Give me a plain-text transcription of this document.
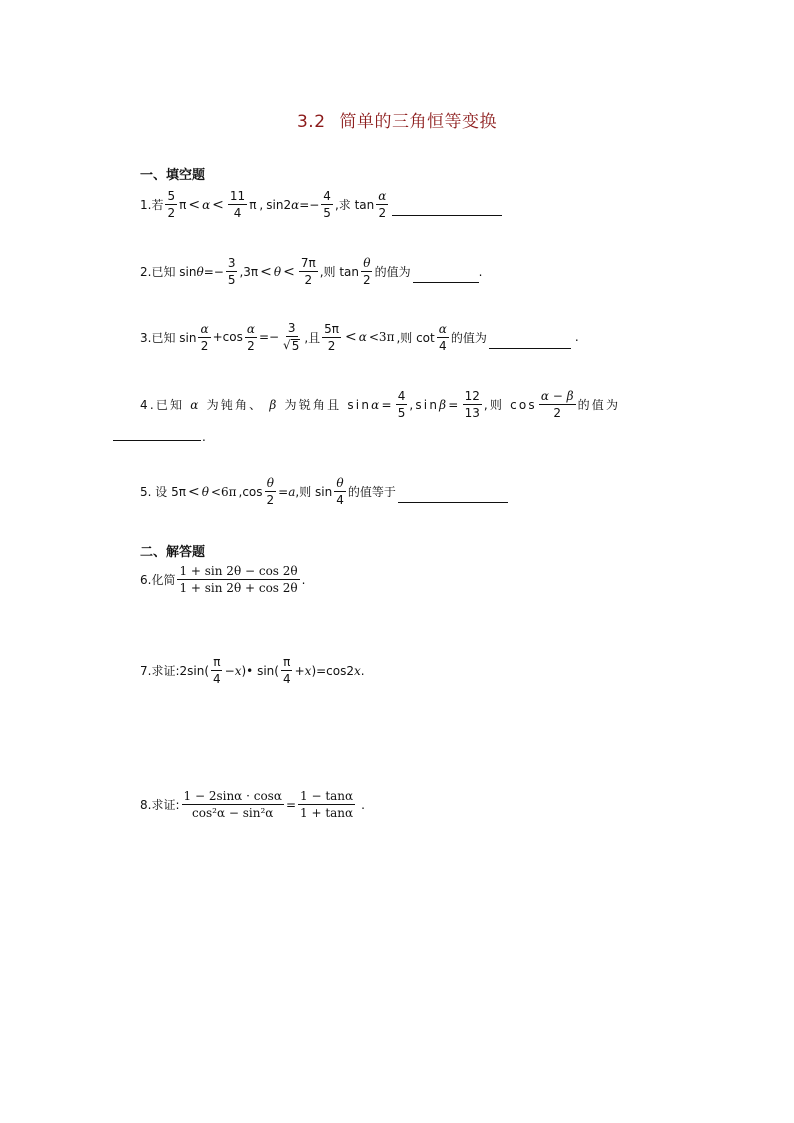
3.2 简单的三角恒等变换
一、填空题
1.若 $\frac{5}{2}$ $\pi < \alpha < \frac{11}{4}$ π , sin2 $\alpha =- \frac{4}{5}$ ,求 $\tan \frac{\alpha}{2}$
2.已知 $\sin \theta =- \frac{3}{5} ,3\pi < \theta < \frac{7\pi}{2}$ ,则 $\tan \frac{\theta}{2}$ 的值为	.
3.已知 $\sin \frac{\alpha}{2} +\cos \frac{\alpha}{2} =- \frac{3}{√ 5}$ ,且 $\frac{5\pi}{2} < \alpha <3\pi$ ,则 $\cot \frac{\alpha}{4}$ 的值为	.
4.已知 α 为钝角、 β 为锐角且 $\sin \alpha = \frac{4}{5} ,\sin$ $\beta = \frac{12}{13}$ ,则 $\cos \frac{\alpha - \beta}{2}$ 的值为
.
5. 设 5π < θ <6π $,\cos \frac{\theta}{2} = a$ ,则 $\sin \frac{\theta}{4}$ 的值等于
二、解答题
6.化简 $\frac{1 + \sin 2\theta - \cos 2\theta}{1 + \sin 2\theta + \cos 2\theta}$ .
7.求证:2sin( $\frac{\pi}{4} - x$ )• $\sin( \frac{\pi}{4} + x$ )=cos2 x .
8.求证: $\frac{1 - 2\sin\alpha \cdot \cos\alpha}{\text{cos²α − sin²α}} = \frac{1 - \tan\alpha}{1 + \tan\alpha}$ .
